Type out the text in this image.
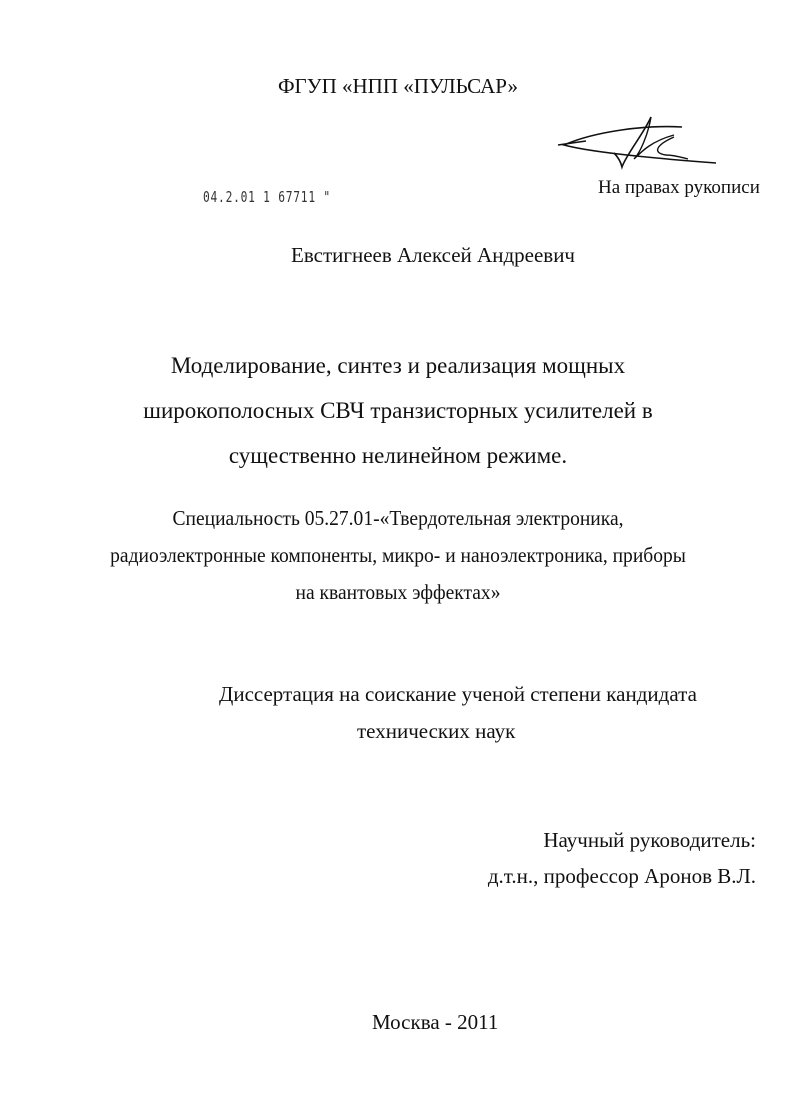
ФГУП «НПП «ПУЛЬСАР»
04.2.01 1 67711 "	На правах рукописи
Евстигнеев Алексей Андреевич
Моделирование, синтез и реализация мощных
широкополосных СВЧ транзисторных усилителей в
существенно нелинейном режиме.
Специальность 05.27.01-«Твердотельная электроника,
радиоэлектронные компоненты, микро- и наноэлектроника, приборы
на квантовых эффектах»
Диссертация на соискание ученой степени кандидата
технических наук
Научный руководитель:
д.т.н., профессор Аронов В.Л.
Москва - 2011
